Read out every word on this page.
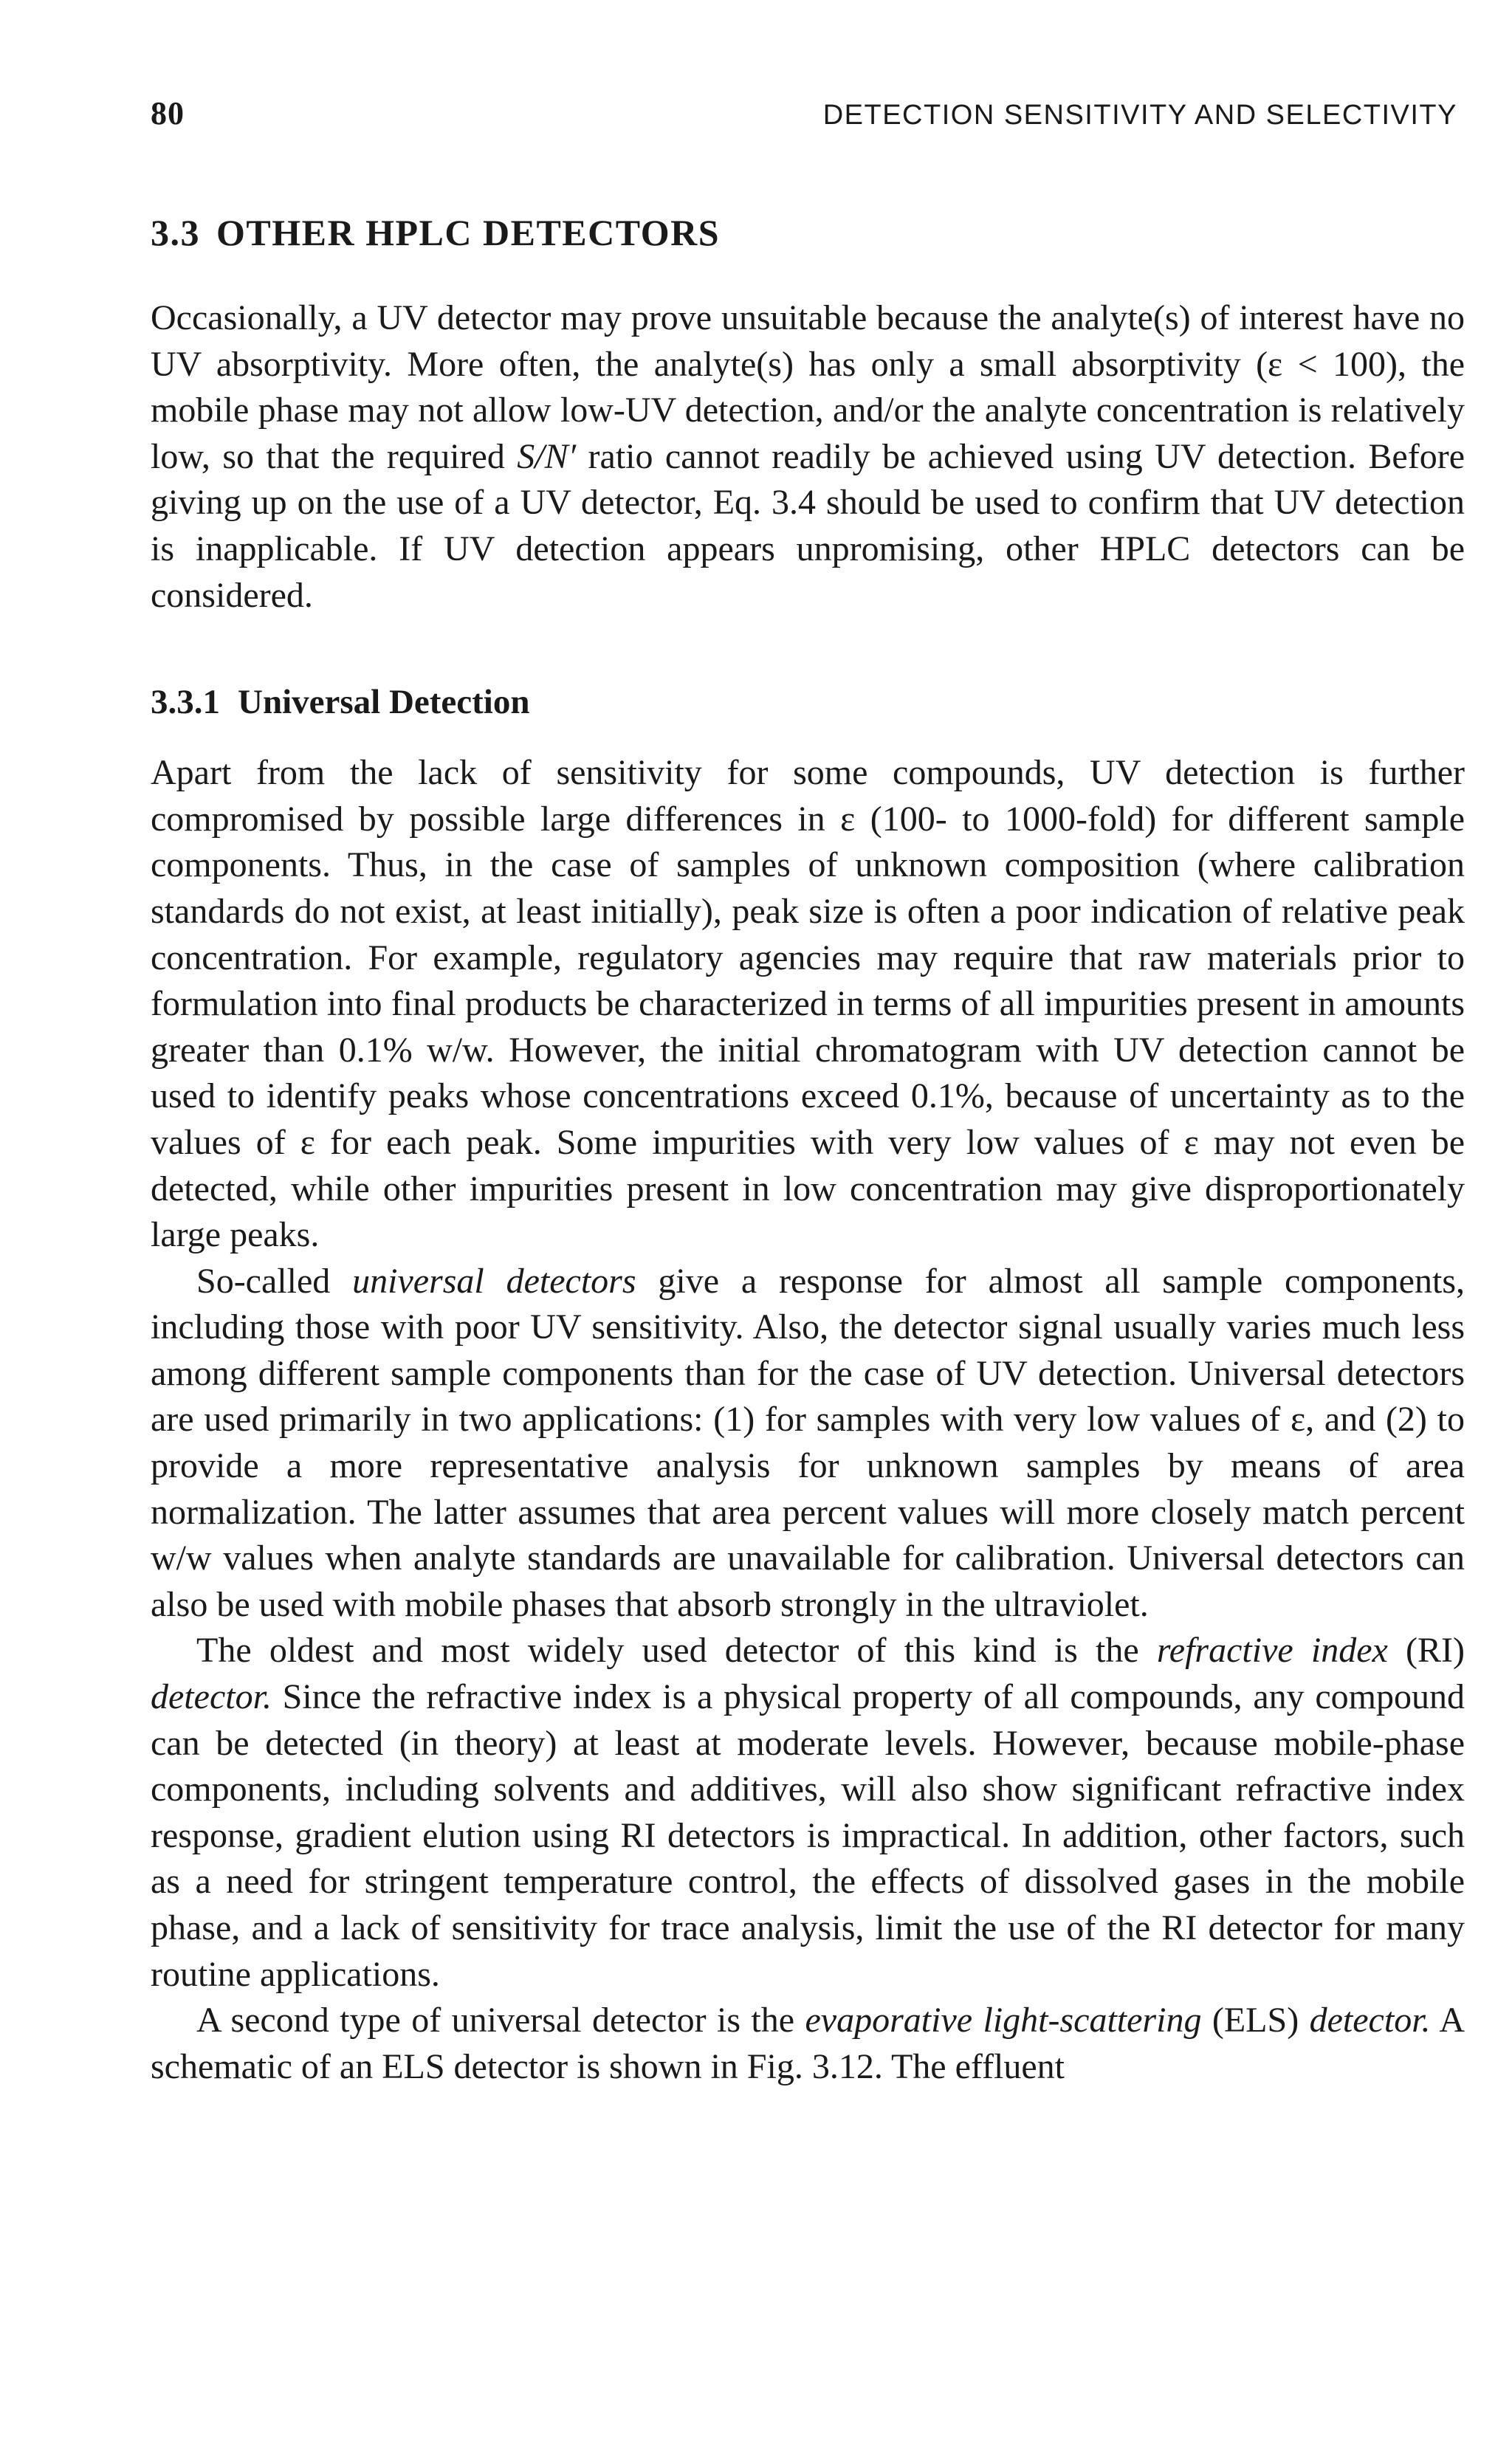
80	DETECTION SENSITIVITY AND SELECTIVITY
3.3 OTHER HPLC DETECTORS

Occasionally, a UV detector may prove unsuitable because the analyte(s) of interest have no UV absorptivity. More often, the analyte(s) has only a small absorptivity (ε < 100), the mobile phase may not allow low-UV detection, and/or the analyte concentration is relatively low, so that the required S/N′ ratio cannot readily be achieved using UV detection. Before giving up on the use of a UV detector, Eq. 3.4 should be used to confirm that UV detection is inapplicable. If UV detection appears unpromising, other HPLC detectors can be considered.

3.3.1 Universal Detection

Apart from the lack of sensitivity for some compounds, UV detection is further compromised by possible large differences in ε (100- to 1000-fold) for different sample components. Thus, in the case of samples of unknown composition (where calibration standards do not exist, at least initially), peak size is often a poor indication of relative peak concentration. For example, regulatory agencies may require that raw materials prior to formulation into final products be characterized in terms of all impurities present in amounts greater than 0.1% w/w. However, the initial chromatogram with UV detection cannot be used to identify peaks whose concentrations exceed 0.1%, because of uncertainty as to the values of ε for each peak. Some impurities with very low values of ε may not even be detected, while other impurities present in low concentration may give disproportionately large peaks.

So-called universal detectors give a response for almost all sample components, including those with poor UV sensitivity. Also, the detector signal usually varies much less among different sample components than for the case of UV detection. Universal detectors are used primarily in two applications: (1) for samples with very low values of ε, and (2) to provide a more representative analysis for unknown samples by means of area normalization. The latter assumes that area percent values will more closely match percent w/w values when analyte standards are unavailable for calibration. Universal detectors can also be used with mobile phases that absorb strongly in the ultraviolet.

The oldest and most widely used detector of this kind is the refractive index (RI) detector. Since the refractive index is a physical property of all compounds, any compound can be detected (in theory) at least at moderate levels. However, because mobile-phase components, including solvents and additives, will also show significant refractive index response, gradient elution using RI detectors is impractical. In addition, other factors, such as a need for stringent temperature control, the effects of dissolved gases in the mobile phase, and a lack of sensitivity for trace analysis, limit the use of the RI detector for many routine applications.

A second type of universal detector is the evaporative light-scattering (ELS) detector. A schematic of an ELS detector is shown in Fig. 3.12. The effluent
